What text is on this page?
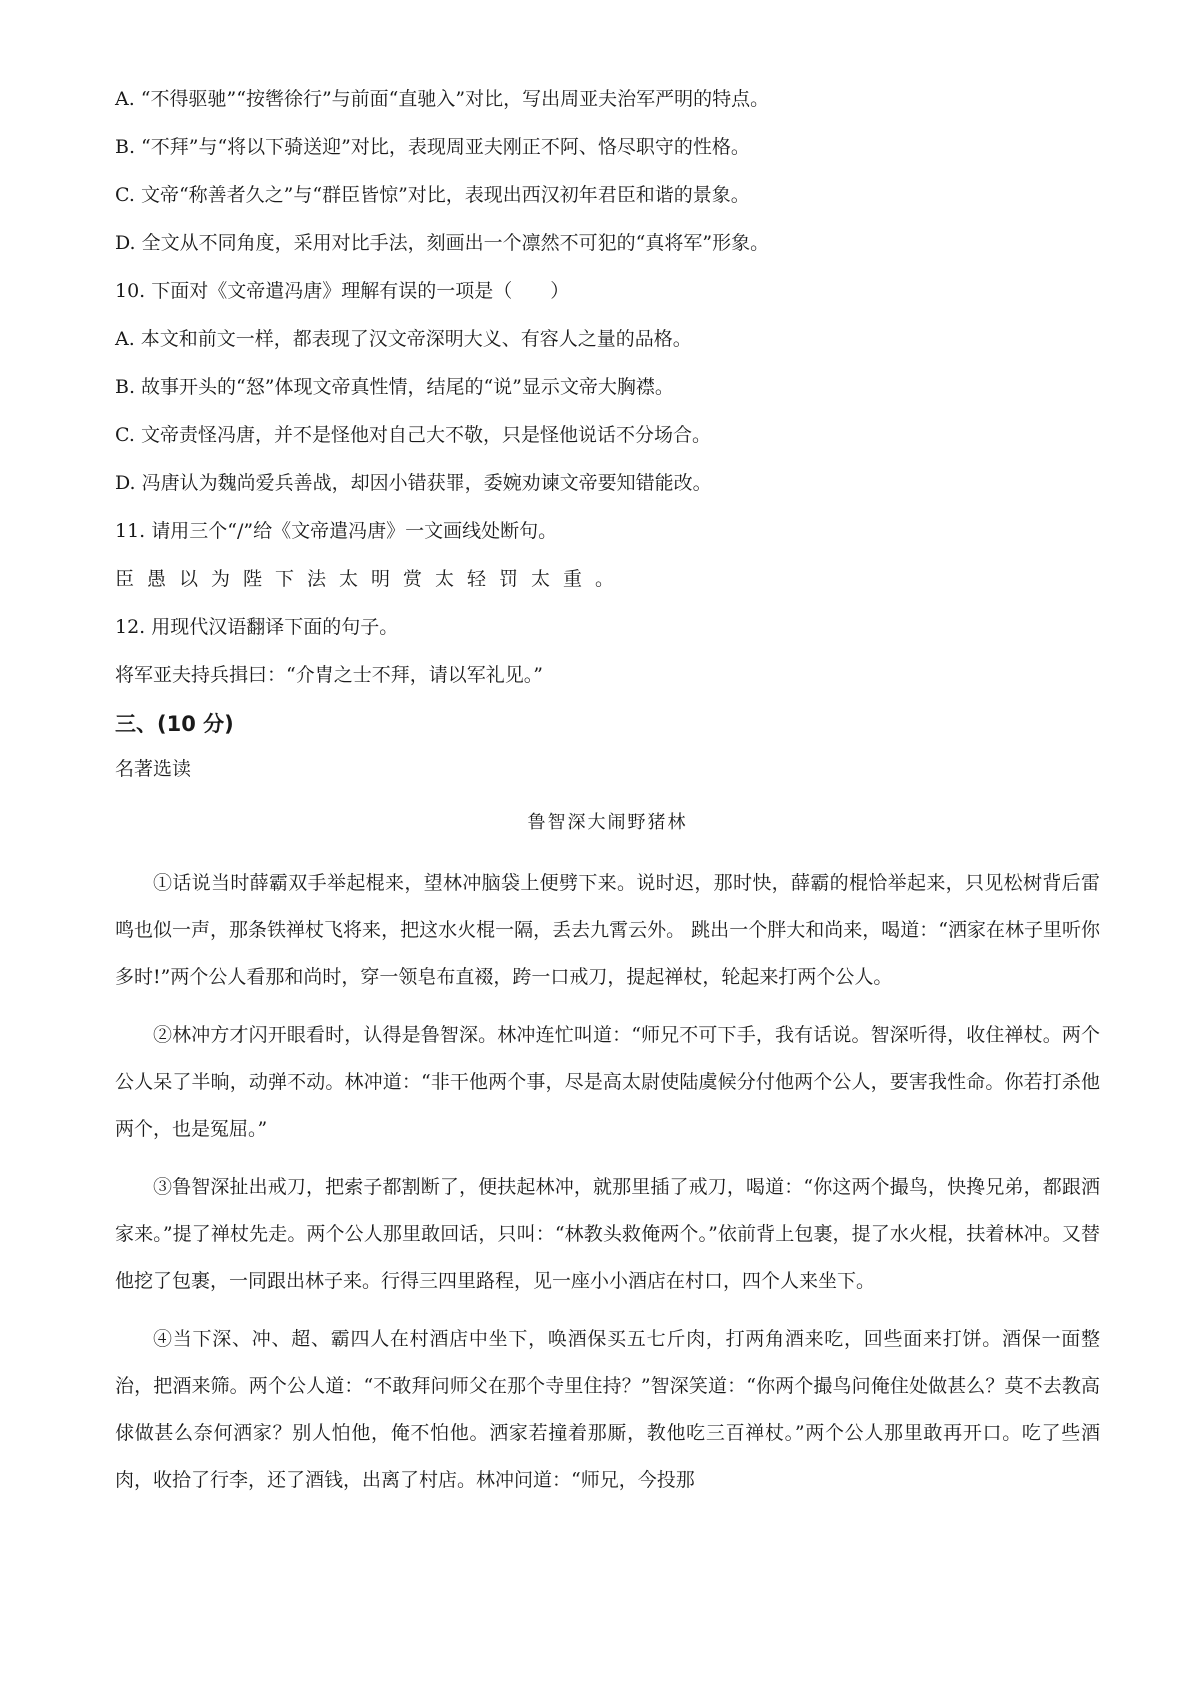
A. “不得驱驰”“按辔徐行”与前面“直驰入”对比，写出周亚夫治军严明的特点。

B. “不拜”与“将以下骑送迎”对比，表现周亚夫刚正不阿、恪尽职守的性格。

C. 文帝“称善者久之”与“群臣皆惊”对比，表现出西汉初年君臣和谐的景象。

D. 全文从不同角度，采用对比手法，刻画出一个凛然不可犯的“真将军”形象。

10. 下面对《文帝遣冯唐》理解有误的一项是（　　）

A. 本文和前文一样，都表现了汉文帝深明大义、有容人之量的品格。

B. 故事开头的“怒”体现文帝真性情，结尾的“说”显示文帝大胸襟。

C. 文帝责怪冯唐，并不是怪他对自己大不敬，只是怪他说话不分场合。

D. 冯唐认为魏尚爱兵善战，却因小错获罪，委婉劝谏文帝要知错能改。

11. 请用三个“/”给《文帝遣冯唐》一文画线处断句。

臣愚以为陛下法太明赏太轻罚太重。

12. 用现代汉语翻译下面的句子。

将军亚夫持兵揖曰：“介胄之士不拜，请以军礼见。”

三、(10 分)

名著选读

鲁智深大闹野猪林

①话说当时薛霸双手举起棍来，望林冲脑袋上便劈下来。说时迟，那时快，薛霸的棍恰举起来，只见松树背后雷鸣也似一声，那条铁禅杖飞将来，把这水火棍一隔，丢去九霄云外。 跳出一个胖大和尚来，喝道：“洒家在林子里听你多时!”两个公人看那和尚时，穿一领皂布直裰，跨一口戒刀，提起禅杖，轮起来打两个公人。

②林冲方才闪开眼看时，认得是鲁智深。林冲连忙叫道：“师兄不可下手，我有话说。智深听得，收住禅杖。两个公人呆了半晌，动弹不动。林冲道：“非干他两个事，尽是高太尉使陆虞候分付他两个公人，要害我性命。你若打杀他两个，也是冤屈。”

③鲁智深扯出戒刀，把索子都割断了，便扶起林冲，就那里插了戒刀，喝道：“你这两个撮鸟，快搀兄弟，都跟洒家来。”提了禅杖先走。两个公人那里敢回话，只叫：“林教头救俺两个。”依前背上包裹，提了水火棍，扶着林冲。又替他挖了包裹，一同跟出林子来。行得三四里路程，见一座小小酒店在村口，四个人来坐下。

④当下深、冲、超、霸四人在村酒店中坐下，唤酒保买五七斤肉，打两角酒来吃，回些面来打饼。酒保一面整治，把酒来筛。两个公人道：“不敢拜问师父在那个寺里住持？”智深笑道：“你两个撮鸟问俺住处做甚么？莫不去教高俅做甚么奈何洒家？别人怕他，俺不怕他。洒家若撞着那厮，教他吃三百禅杖。”两个公人那里敢再开口。吃了些酒肉，收拾了行李，还了酒钱，出离了村店。林冲问道：“师兄，今投那
